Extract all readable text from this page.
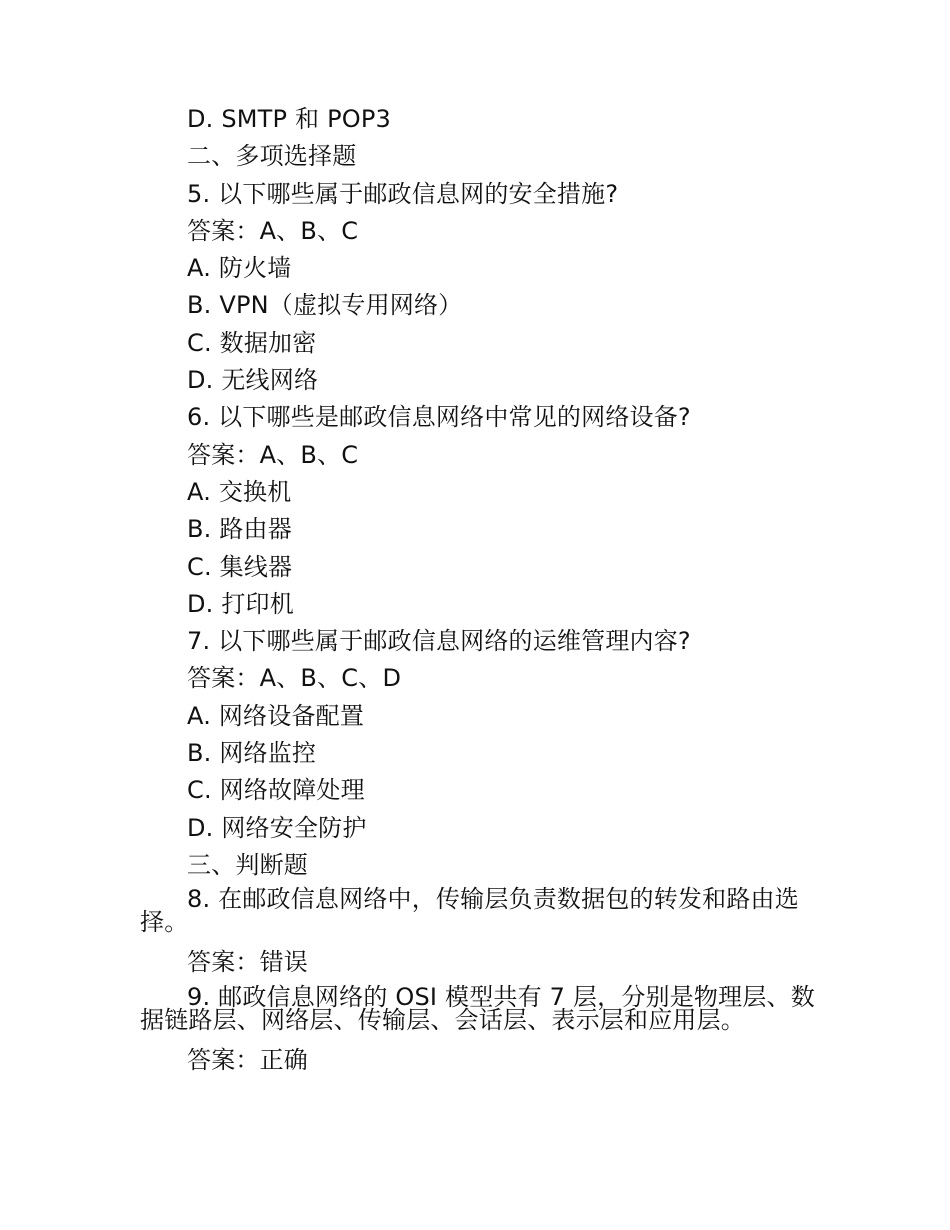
D. SMTP 和 POP3
二、多项选择题
5. 以下哪些属于邮政信息网的安全措施?
答案：A、B、C
A. 防火墙
B. VPN（虚拟专用网络）
C. 数据加密
D. 无线网络
6. 以下哪些是邮政信息网络中常见的网络设备?
答案：A、B、C
A. 交换机
B. 路由器
C. 集线器
D. 打印机
7. 以下哪些属于邮政信息网络的运维管理内容?
答案：A、B、C、D
A. 网络设备配置
B. 网络监控
C. 网络故障处理
D. 网络安全防护
三、判断题
8. 在邮政信息网络中，传输层负责数据包的转发和路由选择。
答案：错误
9. 邮政信息网络的 OSI 模型共有 7 层，分别是物理层、数据链路层、网络层、传输层、会话层、表示层和应用层。
答案：正确
